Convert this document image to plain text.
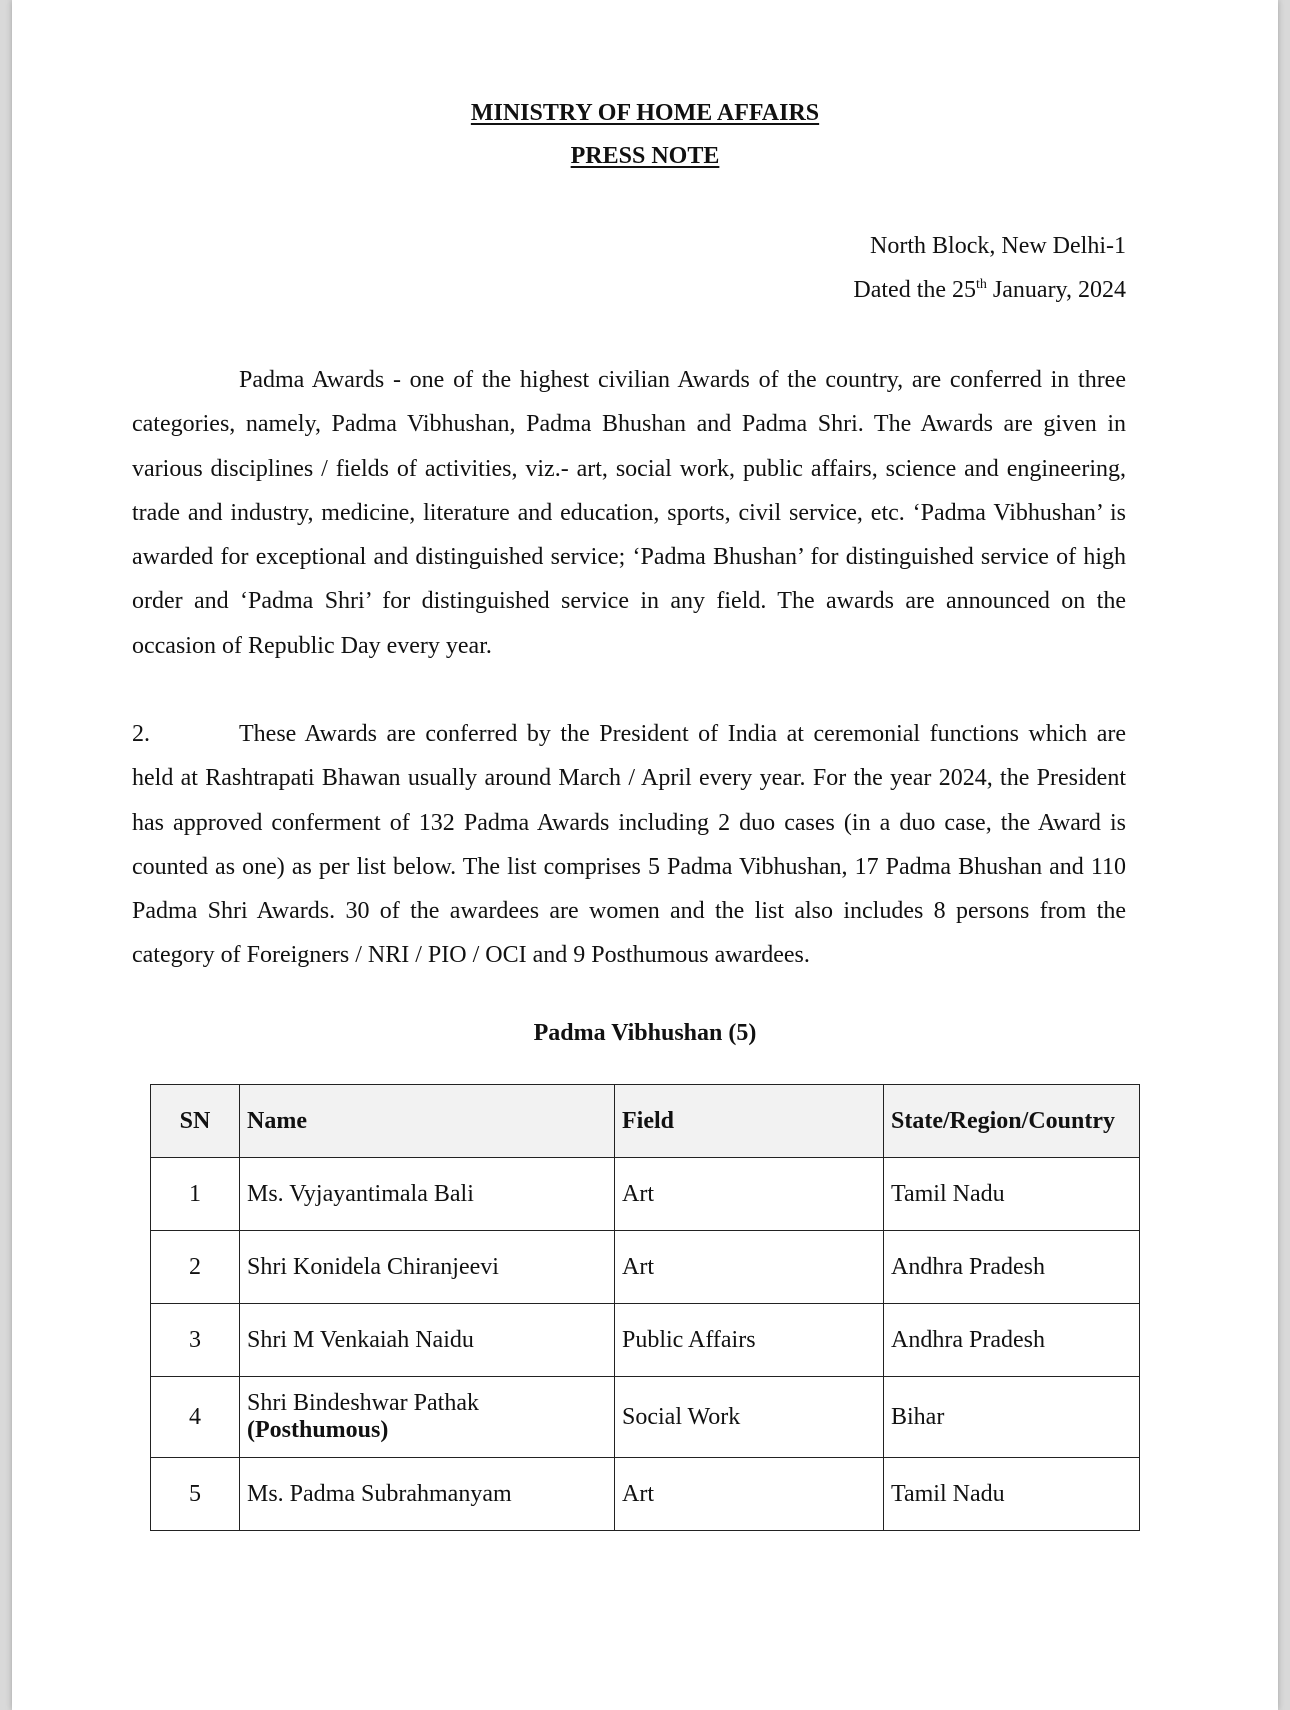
MINISTRY OF HOME AFFAIRS
PRESS NOTE
North Block, New Delhi-1
Dated the 25th January, 2024

Padma Awards - one of the highest civilian Awards of the country, are conferred in three categories, namely, Padma Vibhushan, Padma Bhushan and Padma Shri. The Awards are given in various disciplines / fields of activities, viz.- art, social work, public affairs, science and engineering, trade and industry, medicine, literature and education, sports, civil service, etc. ‘Padma Vibhushan’ is awarded for exceptional and distinguished service; ‘Padma Bhushan’ for distinguished service of high order and ‘Padma Shri’ for distinguished service in any field. The awards are announced on the occasion of Republic Day every year.

2.	These Awards are conferred by the President of India at ceremonial functions which are held at Rashtrapati Bhawan usually around March / April every year. For the year 2024, the President has approved conferment of 132 Padma Awards including 2 duo cases (in a duo case, the Award is counted as one) as per list below. The list comprises 5 Padma Vibhushan, 17 Padma Bhushan and 110 Padma Shri Awards. 30 of the awardees are women and the list also includes 8 persons from the category of Foreigners / NRI / PIO / OCI and 9 Posthumous awardees.

Padma Vibhushan (5)
SN	Name	Field	State/Region/Country
1	Ms. Vyjayantimala Bali	Art	Tamil Nadu
2	Shri Konidela Chiranjeevi	Art	Andhra Pradesh
3	Shri M Venkaiah Naidu	Public Affairs	Andhra Pradesh
4	Shri Bindeshwar Pathak
(Posthumous)	Social Work	Bihar
5	Ms. Padma Subrahmanyam	Art	Tamil Nadu
